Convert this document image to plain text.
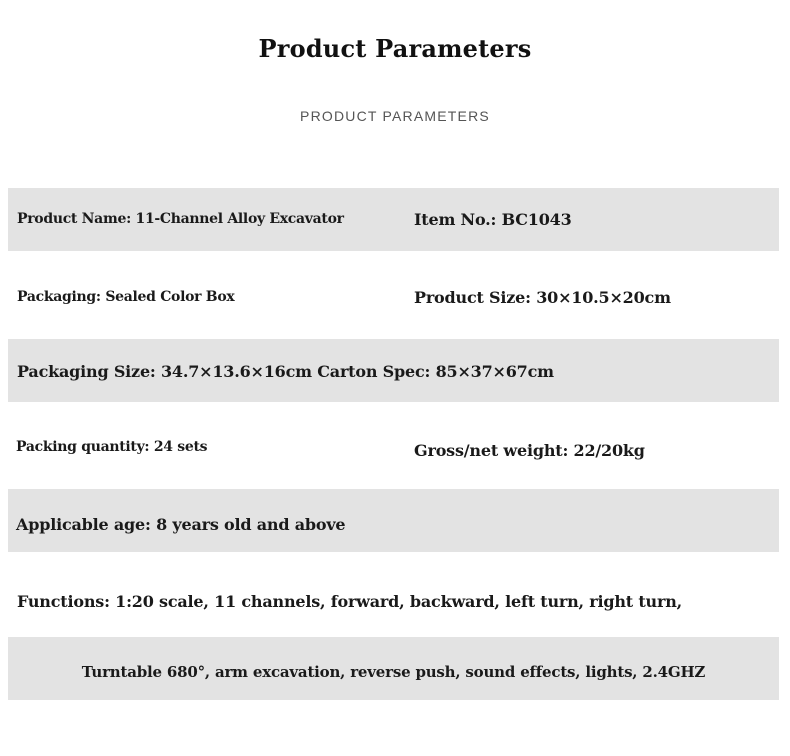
Product Parameters
PRODUCT PARAMETERS
Product Name: 11-Channel Alloy Excavator	Item No.: BC1043
Packaging: Sealed Color Box	Product Size: 30×10.5×20cm
Packaging Size: 34.7×13.6×16cm Carton Spec: 85×37×67cm
Packing quantity: 24 sets	Gross/net weight: 22/20kg
Applicable age: 8 years old and above
Functions: 1:20 scale, 11 channels, forward, backward, left turn, right turn,
Turntable 680°, arm excavation, reverse push, sound effects, lights, 2.4GHZ
